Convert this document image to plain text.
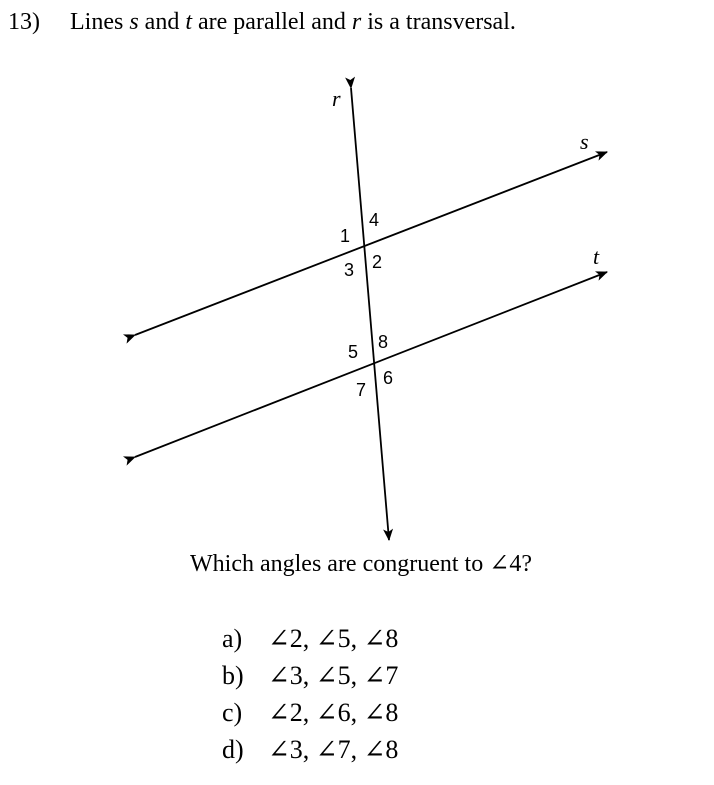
13) Lines s and t are parallel and r is a transversal.
r
s
t
1
4
3 2
5 8
7
6
Which angles are congruent to ∠4?
a) ∠2, ∠5, ∠8
b) ∠3, ∠5, ∠7
c) ∠2, ∠6, ∠8
d) ∠3, ∠7, ∠8
